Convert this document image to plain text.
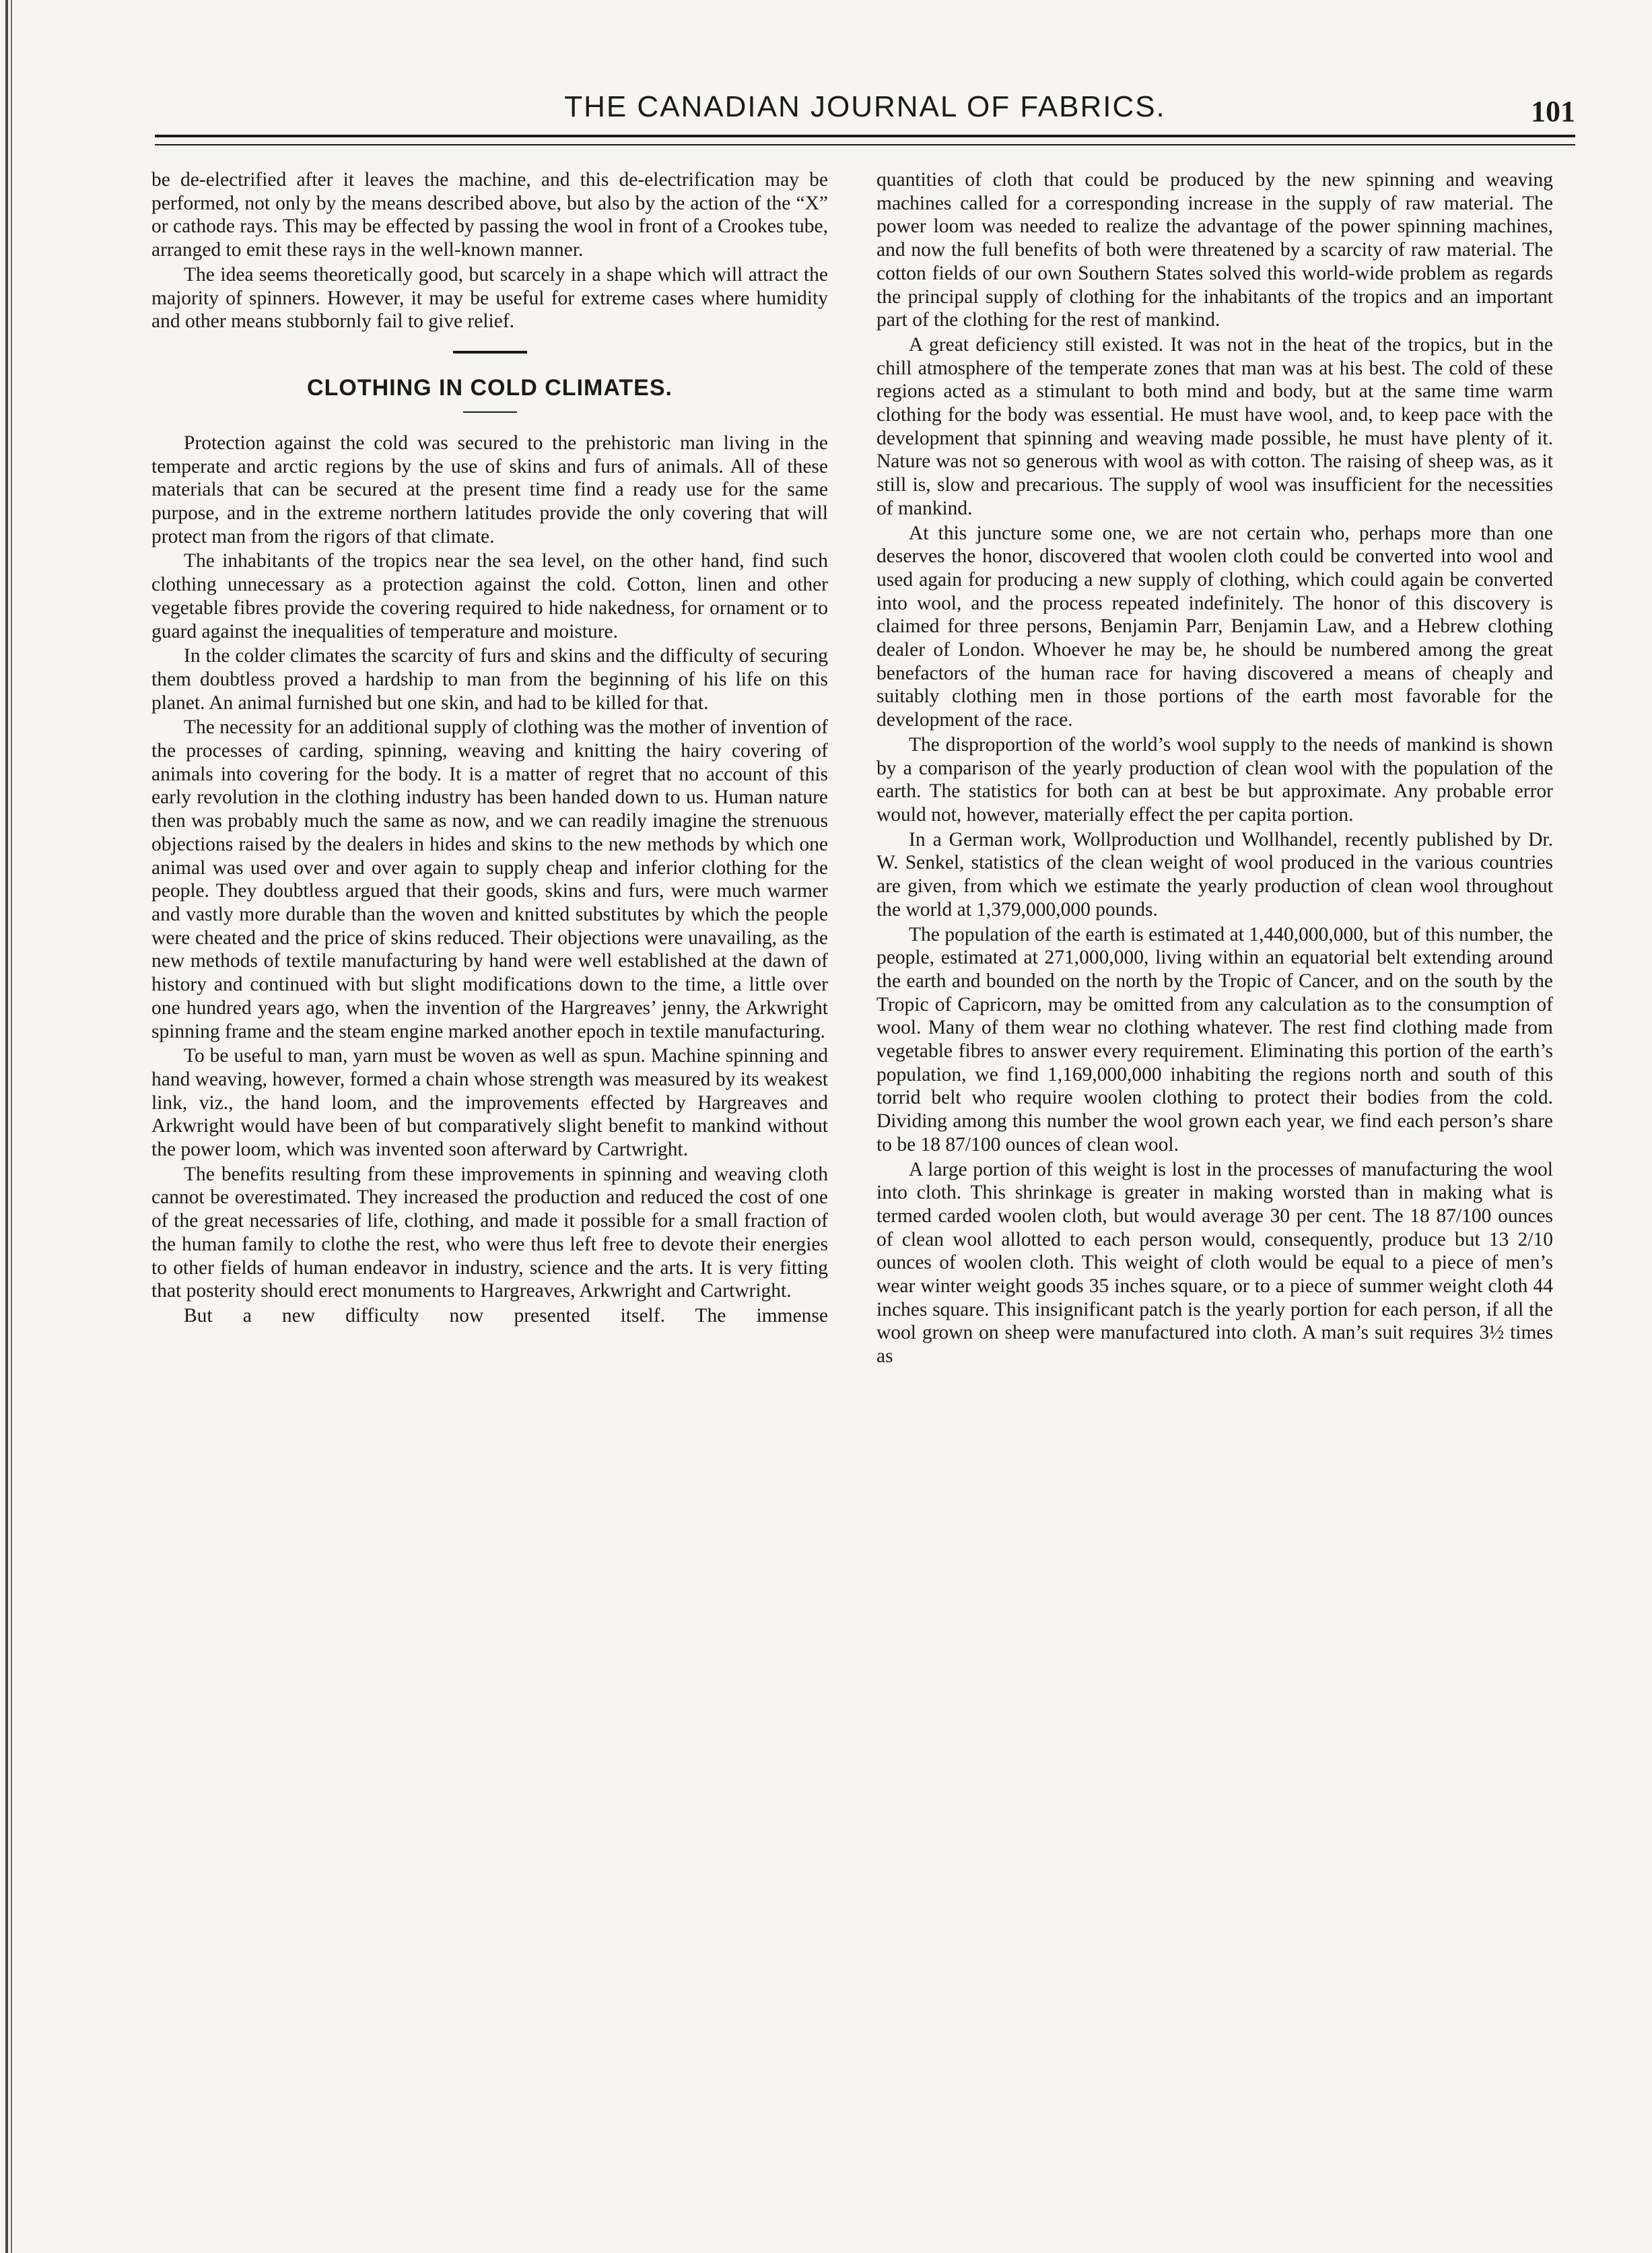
THE CANADIAN JOURNAL OF FABRICS.	101

be de-electrified after it leaves the machine, and this de-electrification may be performed, not only by the means described above, but also by the action of the “X” or cathode rays. This may be effected by passing the wool in front of a Crookes tube, arranged to emit these rays in the well-known manner.

The idea seems theoretically good, but scarcely in a shape which will attract the majority of spinners. However, it may be useful for extreme cases where humidity and other means stubbornly fail to give relief.

CLOTHING IN COLD CLIMATES.

Protection against the cold was secured to the prehistoric man living in the temperate and arctic regions by the use of skins and furs of animals. All of these materials that can be secured at the present time find a ready use for the same purpose, and in the extreme northern latitudes provide the only covering that will protect man from the rigors of that climate.

The inhabitants of the tropics near the sea level, on the other hand, find such clothing unnecessary as a protection against the cold. Cotton, linen and other vegetable fibres provide the covering required to hide nakedness, for ornament or to guard against the inequalities of temperature and moisture.

In the colder climates the scarcity of furs and skins and the difficulty of securing them doubtless proved a hardship to man from the beginning of his life on this planet. An animal furnished but one skin, and had to be killed for that.

The necessity for an additional supply of clothing was the mother of invention of the processes of carding, spinning, weaving and knitting the hairy covering of animals into covering for the body. It is a matter of regret that no account of this early revolution in the clothing industry has been handed down to us. Human nature then was probably much the same as now, and we can readily imagine the strenuous objections raised by the dealers in hides and skins to the new methods by which one animal was used over and over again to supply cheap and inferior clothing for the people. They doubtless argued that their goods, skins and furs, were much warmer and vastly more durable than the woven and knitted substitutes by which the people were cheated and the price of skins reduced. Their objections were unavailing, as the new methods of textile manufacturing by hand were well established at the dawn of history and continued with but slight modifications down to the time, a little over one hundred years ago, when the invention of the Hargreaves’ jenny, the Arkwright spinning frame and the steam engine marked another epoch in textile manufacturing.

To be useful to man, yarn must be woven as well as spun. Machine spinning and hand weaving, however, formed a chain whose strength was measured by its weakest link, viz., the hand loom, and the improvements effected by Hargreaves and Arkwright would have been of but comparatively slight benefit to mankind without the power loom, which was invented soon afterward by Cartwright.

The benefits resulting from these improvements in spinning and weaving cloth cannot be overestimated. They increased the production and reduced the cost of one of the great necessaries of life, clothing, and made it possible for a small fraction of the human family to clothe the rest, who were thus left free to devote their energies to other fields of human endeavor in industry, science and the arts. It is very fitting that posterity should erect monuments to Hargreaves, Arkwright and Cartwright.

But a new difficulty now presented itself. The immense

quantities of cloth that could be produced by the new spinning and weaving machines called for a corresponding increase in the supply of raw material. The power loom was needed to realize the advantage of the power spinning machines, and now the full benefits of both were threatened by a scarcity of raw material. The cotton fields of our own Southern States solved this world-wide problem as regards the principal supply of clothing for the inhabitants of the tropics and an important part of the clothing for the rest of mankind.

A great deficiency still existed. It was not in the heat of the tropics, but in the chill atmosphere of the temperate zones that man was at his best. The cold of these regions acted as a stimulant to both mind and body, but at the same time warm clothing for the body was essential. He must have wool, and, to keep pace with the development that spinning and weaving made possible, he must have plenty of it. Nature was not so generous with wool as with cotton. The raising of sheep was, as it still is, slow and precarious. The supply of wool was insufficient for the necessities of mankind.

At this juncture some one, we are not certain who, perhaps more than one deserves the honor, discovered that woolen cloth could be converted into wool and used again for producing a new supply of clothing, which could again be converted into wool, and the process repeated indefinitely. The honor of this discovery is claimed for three persons, Benjamin Parr, Benjamin Law, and a Hebrew clothing dealer of London. Whoever he may be, he should be numbered among the great benefactors of the human race for having discovered a means of cheaply and suitably clothing men in those portions of the earth most favorable for the development of the race.

The disproportion of the world’s wool supply to the needs of mankind is shown by a comparison of the yearly production of clean wool with the population of the earth. The statistics for both can at best be but approximate. Any probable error would not, however, materially effect the per capita portion.

In a German work, Wollproduction und Wollhandel, recently published by Dr. W. Senkel, statistics of the clean weight of wool produced in the various countries are given, from which we estimate the yearly production of clean wool throughout the world at 1,379,000,000 pounds.

The population of the earth is estimated at 1,440,000,000, but of this number, the people, estimated at 271,000,000, living within an equatorial belt extending around the earth and bounded on the north by the Tropic of Cancer, and on the south by the Tropic of Capricorn, may be omitted from any calculation as to the consumption of wool. Many of them wear no clothing whatever. The rest find clothing made from vegetable fibres to answer every requirement. Eliminating this portion of the earth’s population, we find 1,169,000,000 inhabiting the regions north and south of this torrid belt who require woolen clothing to protect their bodies from the cold. Dividing among this number the wool grown each year, we find each person’s share to be 18 87/100 ounces of clean wool.

A large portion of this weight is lost in the processes of manufacturing the wool into cloth. This shrinkage is greater in making worsted than in making what is termed carded woolen cloth, but would average 30 per cent. The 18 87/100 ounces of clean wool allotted to each person would, consequently, produce but 13 2/10 ounces of woolen cloth. This weight of cloth would be equal to a piece of men’s wear winter weight goods 35 inches square, or to a piece of summer weight cloth 44 inches square. This insignificant patch is the yearly portion for each person, if all the wool grown on sheep were manufactured into cloth. A man’s suit requires 3½ times as
